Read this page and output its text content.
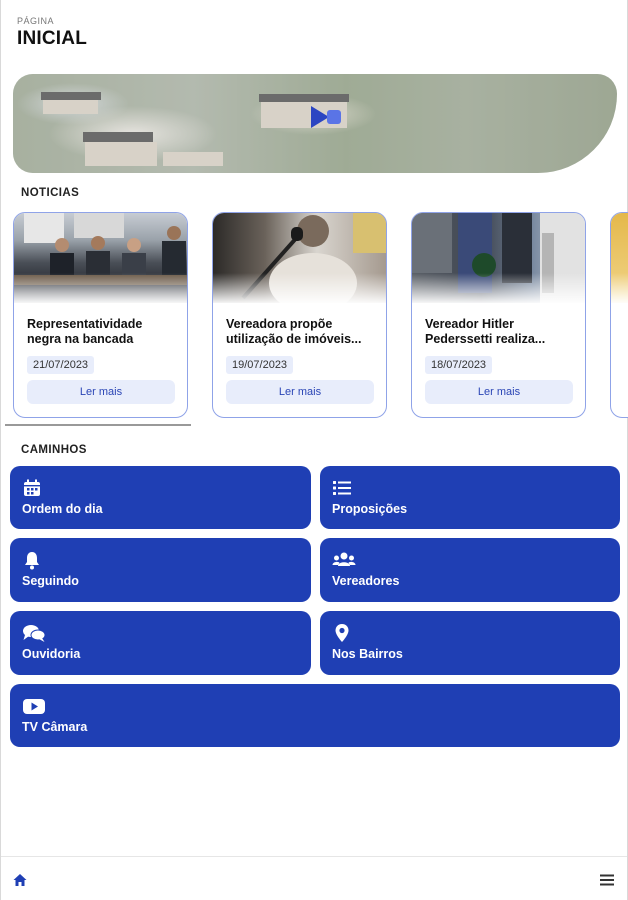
PÁGINA
INICIAL
NOTICIAS
Representatividade negra na bancada
21/07/2023
Ler mais
Vereadora propõe utilização de imóveis...
19/07/2023
Ler mais
Vereador Hitler Pederssetti realiza...
18/07/2023
Ler mais
CAMINHOS
Ordem do dia	Proposições
Seguindo	Vereadores
Ouvidoria	Nos Bairros
TV Câmara
